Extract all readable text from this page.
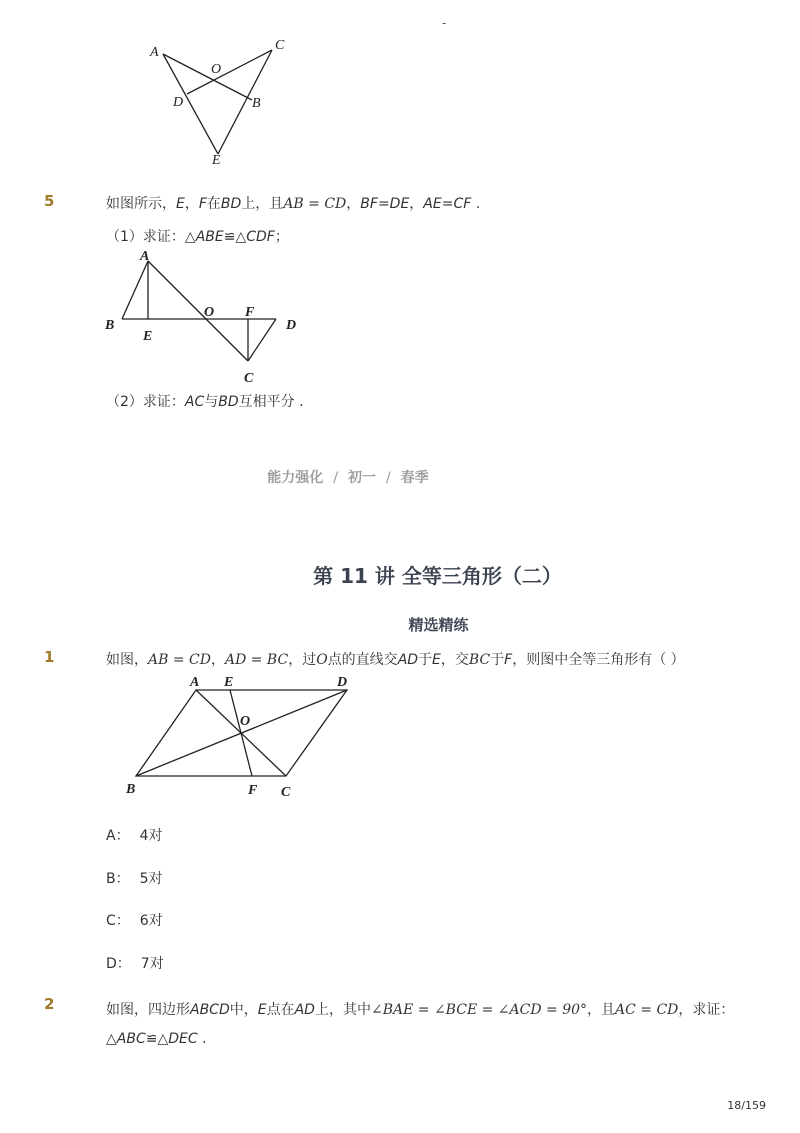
-
A	C
O
D	B
E
5	如图所示，E，F在BD上，且AB = CD，BF=DE，AE=CF .
（1）求证：△ABE≌△CDF；
A
B
E
O F
D
C
（2）求证：AC与BD互相平分 .
能力强化 / 初一 / 春季
第 11 讲 全等三角形（二）
精选精练
1	如图，AB = CD，AD = BC，过O点的直线交AD于E，交BC于F，则图中全等三角形有（ ）
A E	D
O
B	F C
A： 4对
B： 5对
C： 6对
D： 7对
2	如图，四边形ABCD中，E点在AD上，其中∠BAE = ∠BCE = ∠ACD = 90°，且AC = CD，求证：
△ABC≌△DEC .
18/159
